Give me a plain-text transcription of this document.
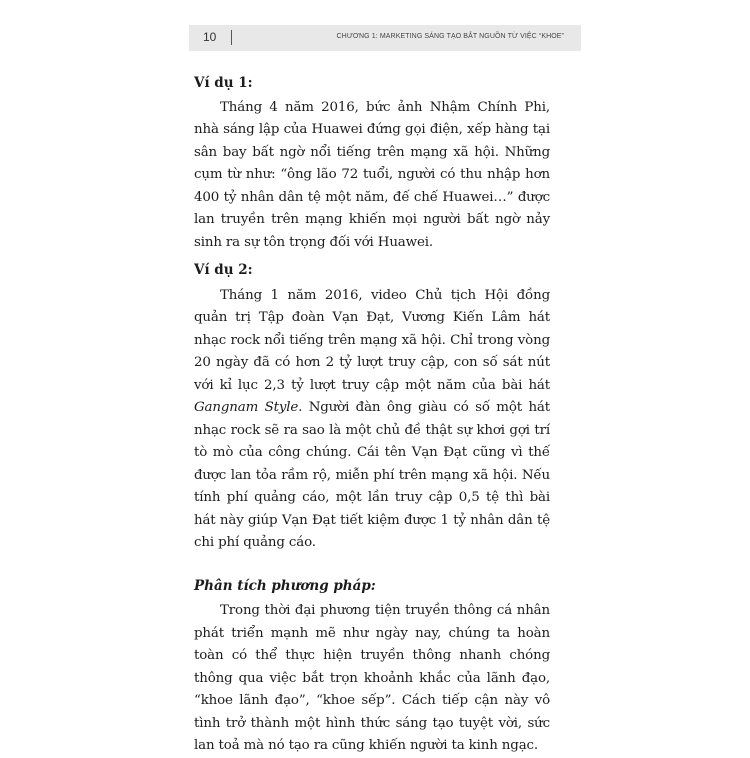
10	CHƯƠNG 1: MARKETING SÁNG TẠO BẮT NGUỒN TỪ VIỆC “KHOE”
Ví dụ 1:

Tháng 4 năm 2016, bức ảnh Nhậm Chính Phi, nhà sáng lập của Huawei đứng gọi điện, xếp hàng tại sân bay bất ngờ nổi tiếng trên mạng xã hội. Những cụm từ như: “ông lão 72 tuổi, người có thu nhập hơn 400 tỷ nhân dân tệ một năm, đế chế Huawei…” được lan truyền trên mạng khiến mọi người bất ngờ nảy sinh ra sự tôn trọng đối với Huawei.

Ví dụ 2:

Tháng 1 năm 2016, video Chủ tịch Hội đồng quản trị Tập đoàn Vạn Đạt, Vương Kiến Lâm hát nhạc rock nổi tiếng trên mạng xã hội. Chỉ trong vòng 20 ngày đã có hơn 2 tỷ lượt truy cập, con số sát nút với kỉ lục 2,3 tỷ lượt truy cập một năm của bài hát Gangnam Style. Người đàn ông giàu có số một hát nhạc rock sẽ ra sao là một chủ đề thật sự khơi gợi trí tò mò của công chúng. Cái tên Vạn Đạt cũng vì thế được lan tỏa rầm rộ, miễn phí trên mạng xã hội. Nếu tính phí quảng cáo, một lần truy cập 0,5 tệ thì bài hát này giúp Vạn Đạt tiết kiệm được 1 tỷ nhân dân tệ chi phí quảng cáo.

Phân tích phương pháp:

Trong thời đại phương tiện truyền thông cá nhân phát triển mạnh mẽ như ngày nay, chúng ta hoàn toàn có thể thực hiện truyền thông nhanh chóng thông qua việc bắt trọn khoảnh khắc của lãnh đạo, “khoe lãnh đạo”, “khoe sếp”. Cách tiếp cận này vô tình trở thành một hình thức sáng tạo tuyệt vời, sức lan toả mà nó tạo ra cũng khiến người ta kinh ngạc.
